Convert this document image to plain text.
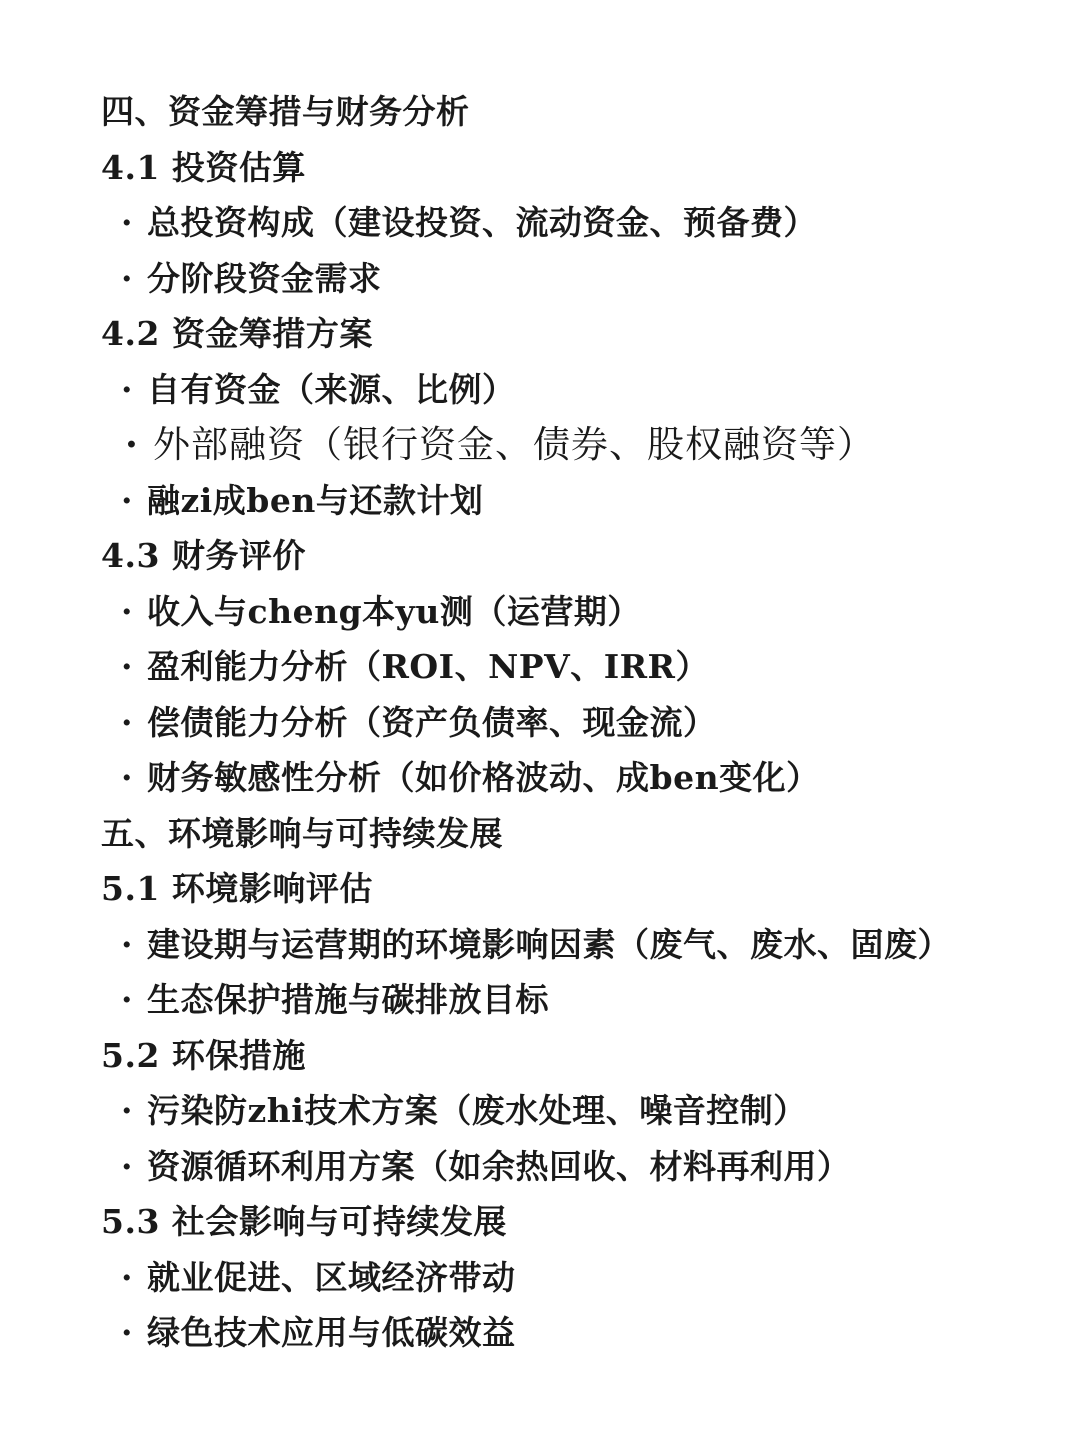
四、资金筹措与财务分析
4.1 投资估算
· 总投资构成（建设投资、流动资金、预备费）
· 分阶段资金需求
4.2 资金筹措方案
· 自有资金（来源、比例）
· 外部融资（银行资金、债券、股权融资等）
· 融zi成ben与还款计划
4.3 财务评价
· 收入与cheng本yu测（运营期）
· 盈利能力分析（ROI、NPV、IRR）
· 偿债能力分析（资产负债率、现金流）
· 财务敏感性分析（如价格波动、成ben变化）
五、环境影响与可持续发展
5.1 环境影响评估
· 建设期与运营期的环境影响因素（废气、废水、固废）
· 生态保护措施与碳排放目标
5.2 环保措施
· 污染防zhi技术方案（废水处理、噪音控制）
· 资源循环利用方案（如余热回收、材料再利用）
5.3 社会影响与可持续发展
· 就业促进、区域经济带动
· 绿色技术应用与低碳效益
